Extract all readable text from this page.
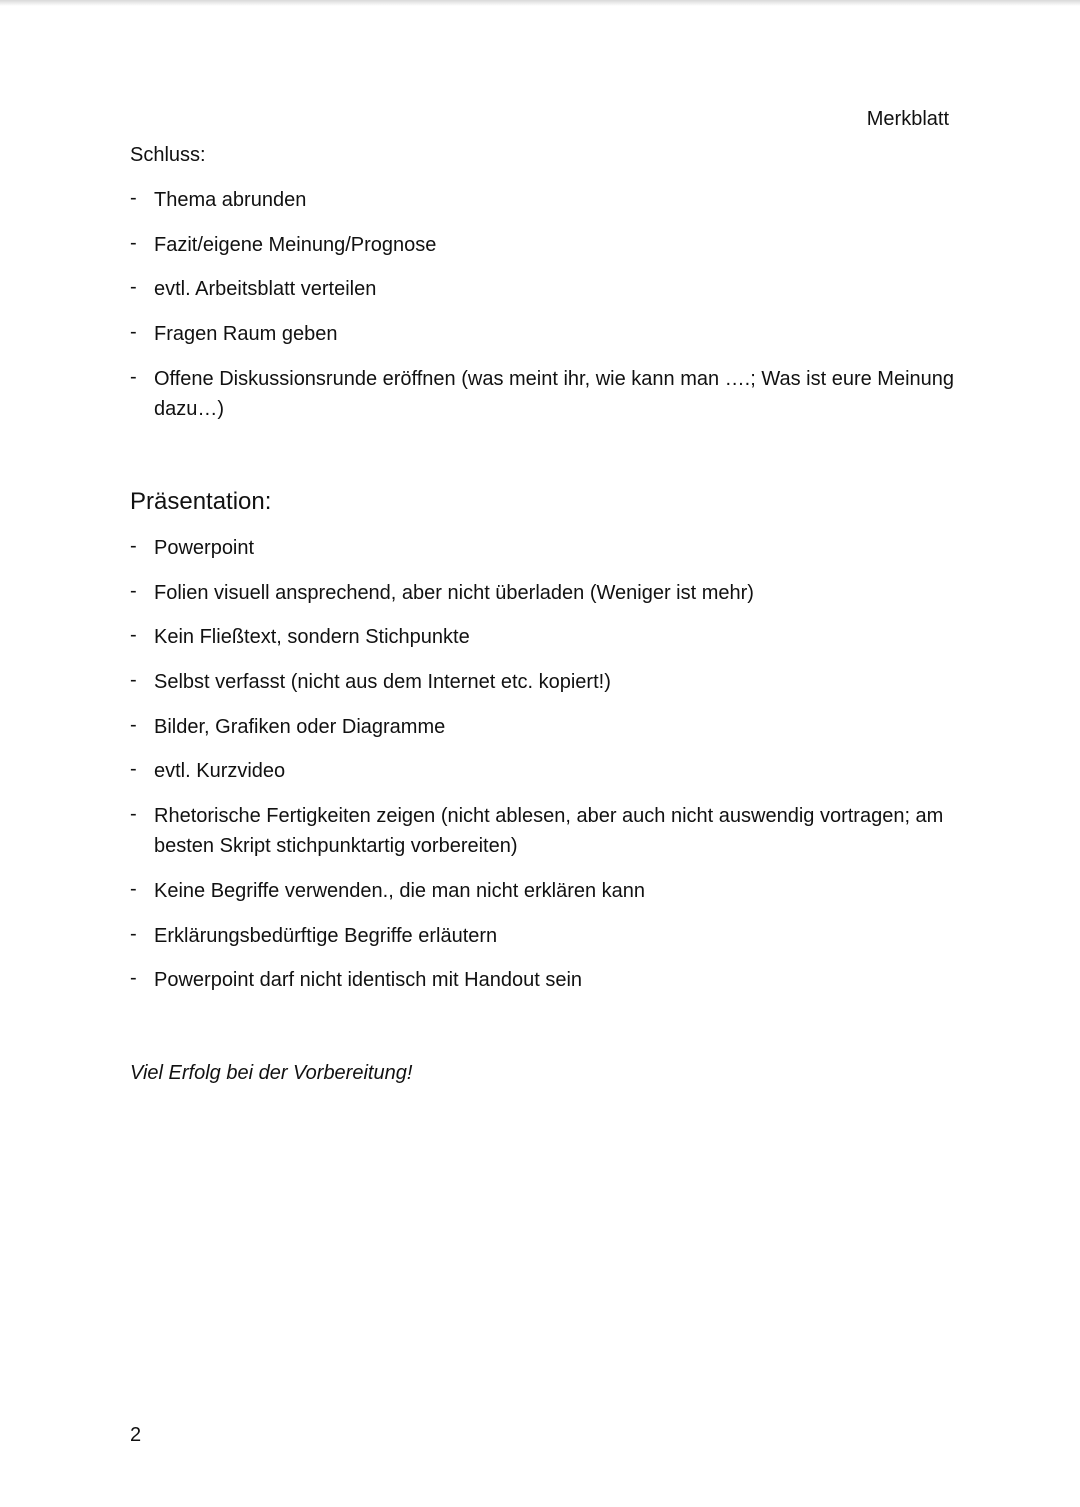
Merkblatt
Schluss:
- Thema abrunden
- Fazit/eigene Meinung/Prognose
- evtl. Arbeitsblatt verteilen
- Fragen Raum geben
- Offene Diskussionsrunde eröffnen (was meint ihr, wie kann man ….; Was ist eure Meinung dazu…)
Präsentation:
- Powerpoint
- Folien visuell ansprechend, aber nicht überladen (Weniger ist mehr)
- Kein Fließtext, sondern Stichpunkte
- Selbst verfasst (nicht aus dem Internet etc. kopiert!)
- Bilder, Grafiken oder Diagramme
- evtl. Kurzvideo
- Rhetorische Fertigkeiten zeigen (nicht ablesen, aber auch nicht auswendig vortragen; am besten Skript stichpunktartig vorbereiten)
- Keine Begriffe verwenden., die man nicht erklären kann
- Erklärungsbedürftige Begriffe erläutern
- Powerpoint darf nicht identisch mit Handout sein
Viel Erfolg bei der Vorbereitung!
2
